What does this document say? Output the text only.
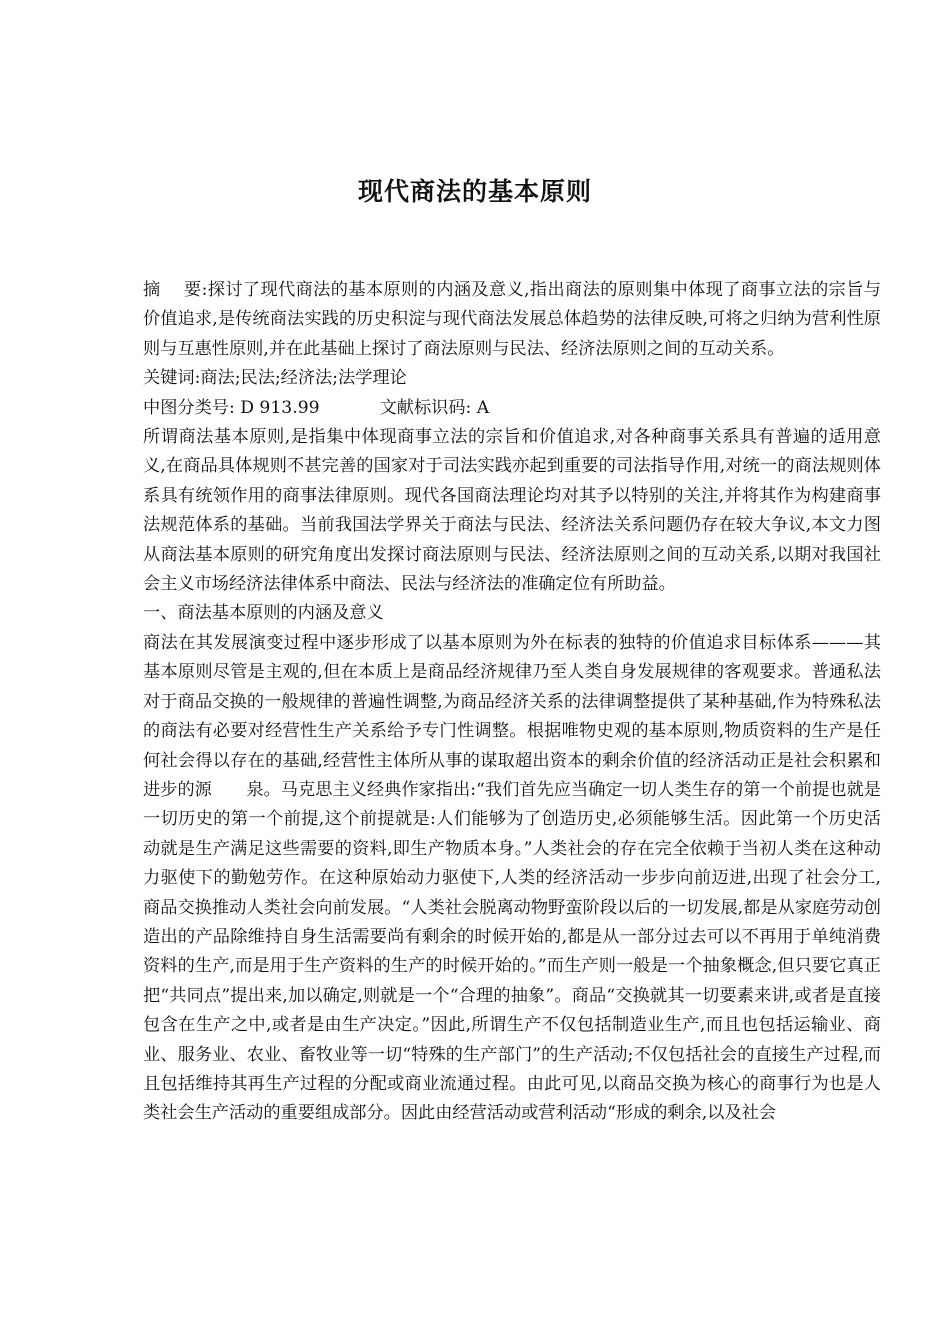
现代商法的基本原则

摘　 要:探讨了现代商法的基本原则的内涵及意义,指出商法的原则集中体现了商事立法的宗旨与价值追求,是传统商法实践的历史积淀与现代商法发展总体趋势的法律反映,可将之归纳为营利性原则与互惠性原则,并在此基础上探讨了商法原则与民法、经济法原则之间的互动关系。

关键词:商法;民法;经济法;法学理论

中图分类号: D 913.99	文献标识码: A

所谓商法基本原则,是指集中体现商事立法的宗旨和价值追求,对各种商事关系具有普遍的适用意义,在商品具体规则不甚完善的国家对于司法实践亦起到重要的司法指导作用,对统一的商法规则体系具有统领作用的商事法律原则。现代各国商法理论均对其予以特别的关注,并将其作为构建商事法规范体系的基础。当前我国法学界关于商法与民法、经济法关系问题仍存在较大争议,本文力图从商法基本原则的研究角度出发探讨商法原则与民法、经济法原则之间的互动关系,以期对我国社会主义市场经济法律体系中商法、民法与经济法的准确定位有所助益。

一、商法基本原则的内涵及意义

商法在其发展演变过程中逐步形成了以基本原则为外在标表的独特的价值追求目标体系———其基本原则尽管是主观的,但在本质上是商品经济规律乃至人类自身发展规律的客观要求。普通私法对于商品交换的一般规律的普遍性调整,为商品经济关系的法律调整提供了某种基础,作为特殊私法的商法有必要对经营性生产关系给予专门性调整。根据唯物史观的基本原则,物质资料的生产是任何社会得以存在的基础,经营性主体所从事的谋取超出资本的剩余价值的经济活动正是社会积累和进步的源　　泉。马克思主义经典作家指出:“我们首先应当确定一切人类生存的第一个前提也就是一切历史的第一个前提,这个前提就是:人们能够为了创造历史,必须能够生活。因此第一个历史活动就是生产满足这些需要的资料,即生产物质本身。”人类社会的存在完全依赖于当初人类在这种动力驱使下的勤勉劳作。在这种原始动力驱使下,人类的经济活动一步步向前迈进,出现了社会分工,商品交换推动人类社会向前发展。“人类社会脱离动物野蛮阶段以后的一切发展,都是从家庭劳动创造出的产品除维持自身生活需要尚有剩余的时候开始的,都是从一部分过去可以不再用于单纯消费资料的生产,而是用于生产资料的生产的时候开始的。”而生产则一般是一个抽象概念,但只要它真正把“共同点”提出来,加以确定,则就是一个“合理的抽象”。商品“交换就其一切要素来讲,或者是直接包含在生产之中,或者是由生产决定。”因此,所谓生产不仅包括制造业生产,而且也包括运输业、商业、服务业、农业、畜牧业等一切“特殊的生产部门”的生产活动;不仅包括社会的直接生产过程,而且包括维持其再生产过程的分配或商业流通过程。由此可见,以商品交换为核心的商事行为也是人类社会生产活动的重要组成部分。因此由经营活动或营利活动“形成的剩余,以及社会
